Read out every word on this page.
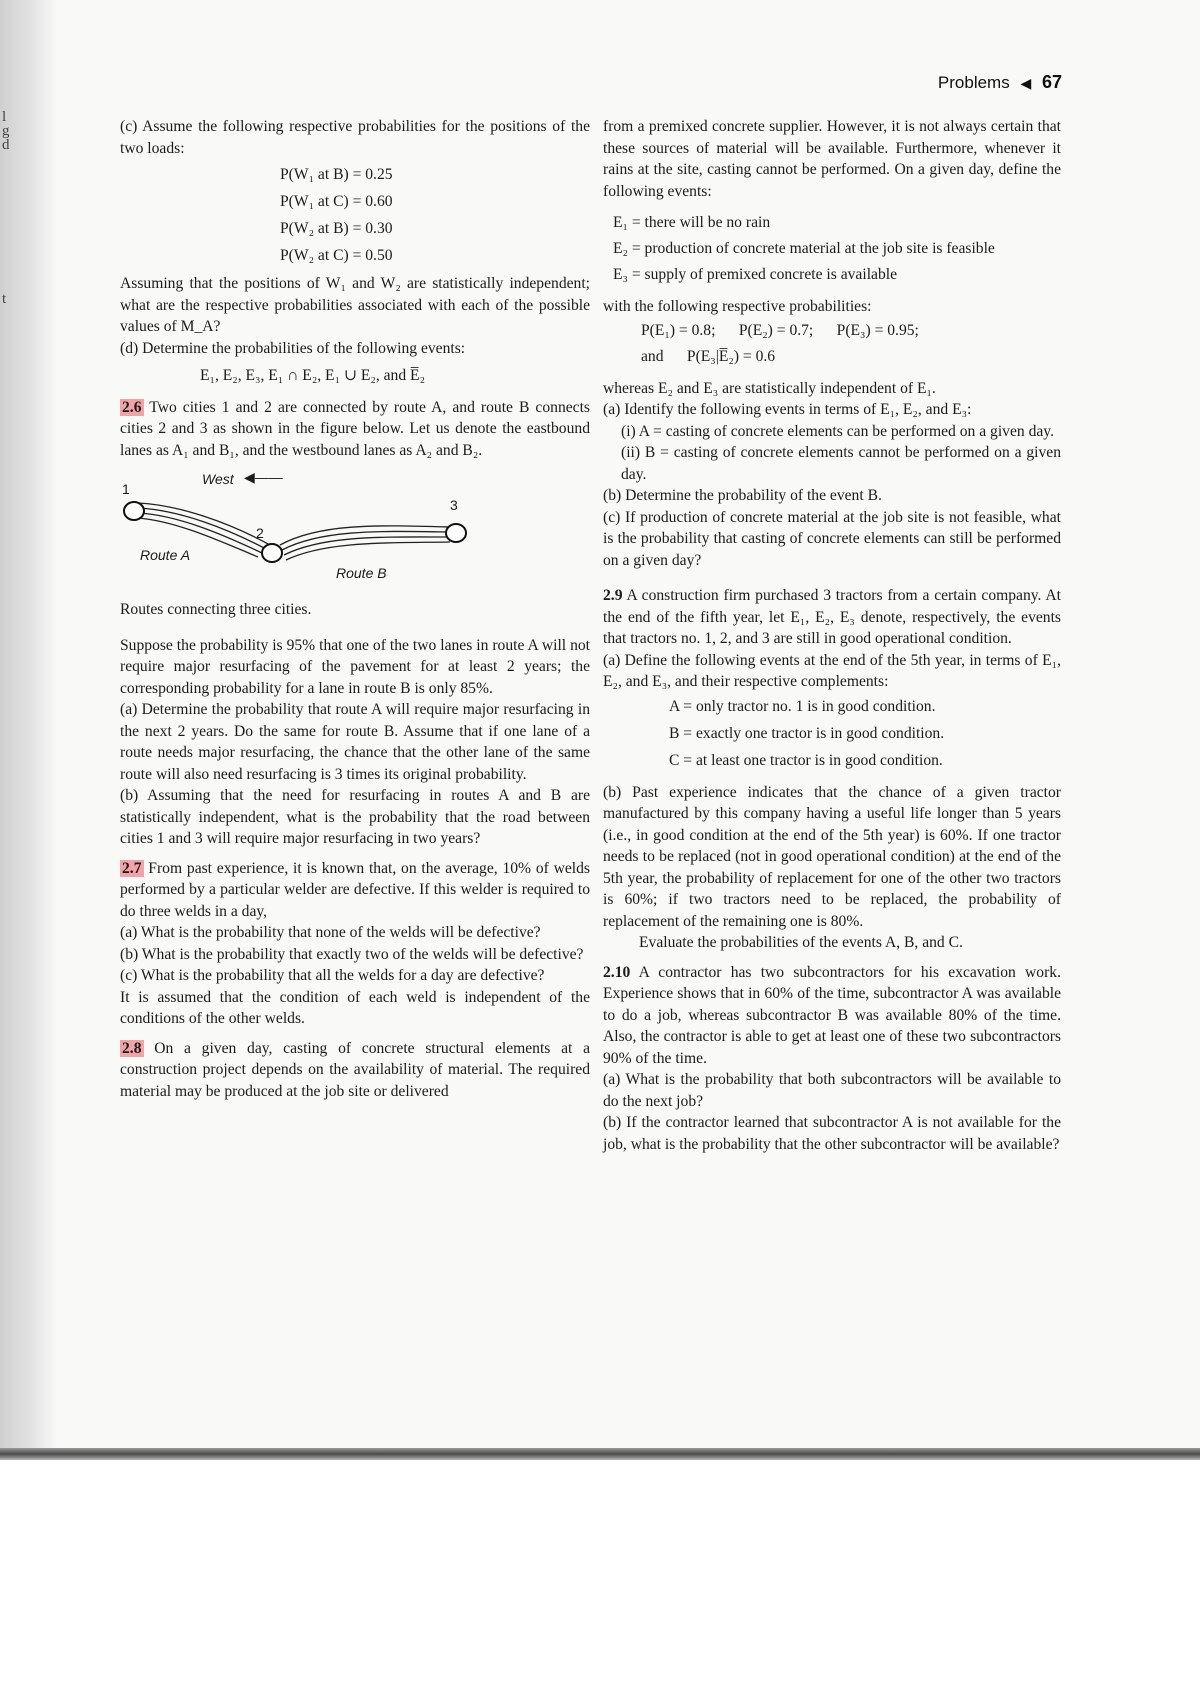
l
g
d
t
Problems ◀ 67

(c) Assume the following respective probabilities for the positions of the two loads:

P(W₁ at B) = 0.25
P(W₁ at C) = 0.60
P(W₂ at B) = 0.30
P(W₂ at C) = 0.50

Assuming that the positions of W₁ and W₂ are statistically independent; what are the respective probabilities associated with each of the possible values of M_A?

(d) Determine the probabilities of the following events:

E₁, E₂, E₃, E₁ ∩ E₂, E₁ ∪ E₂, and E̅₂

2.6 Two cities 1 and 2 are connected by route A, and route B connects cities 2 and 3 as shown in the figure below. Let us denote the eastbound lanes as A₁ and B₁, and the westbound lanes as A₂ and B₂.

West ◀——
1
2
3
Route A
Route B

Routes connecting three cities.

Suppose the probability is 95% that one of the two lanes in route A will not require major resurfacing of the pavement for at least 2 years; the corresponding probability for a lane in route B is only 85%.

(a) Determine the probability that route A will require major resurfacing in the next 2 years. Do the same for route B. Assume that if one lane of a route needs major resurfacing, the chance that the other lane of the same route will also need resurfacing is 3 times its original probability.

(b) Assuming that the need for resurfacing in routes A and B are statistically independent, what is the probability that the road between cities 1 and 3 will require major resurfacing in two years?

2.7 From past experience, it is known that, on the average, 10% of welds performed by a particular welder are defective. If this welder is required to do three welds in a day,

(a) What is the probability that none of the welds will be defective?

(b) What is the probability that exactly two of the welds will be defective?

(c) What is the probability that all the welds for a day are defective?

It is assumed that the condition of each weld is independent of the conditions of the other welds.

2.8 On a given day, casting of concrete structural elements at a construction project depends on the availability of material. The required material may be produced at the job site or delivered

from a premixed concrete supplier. However, it is not always certain that these sources of material will be available. Furthermore, whenever it rains at the site, casting cannot be performed. On a given day, define the following events:

E₁ = there will be no rain
E₂ = production of concrete material at the job site is feasible
E₃ = supply of premixed concrete is available

with the following respective probabilities:

P(E₁) = 0.8;      P(E₂) = 0.7;      P(E₃) = 0.95;
and      P(E₃|E̅₂) = 0.6

whereas E₂ and E₃ are statistically independent of E₁.

(a) Identify the following events in terms of E₁, E₂, and E₃:

(i) A = casting of concrete elements can be performed on a given day.

(ii) B = casting of concrete elements cannot be performed on a given day.

(b) Determine the probability of the event B.

(c) If production of concrete material at the job site is not feasible, what is the probability that casting of concrete elements can still be performed on a given day?

2.9 A construction firm purchased 3 tractors from a certain company. At the end of the fifth year, let E₁, E₂, E₃ denote, respectively, the events that tractors no. 1, 2, and 3 are still in good operational condition.

(a) Define the following events at the end of the 5th year, in terms of E₁, E₂, and E₃, and their respective complements:

A = only tractor no. 1 is in good condition.
B = exactly one tractor is in good condition.
C = at least one tractor is in good condition.

(b) Past experience indicates that the chance of a given tractor manufactured by this company having a useful life longer than 5 years (i.e., in good condition at the end of the 5th year) is 60%. If one tractor needs to be replaced (not in good operational condition) at the end of the 5th year, the probability of replacement for one of the other two tractors is 60%; if two tractors need to be replaced, the probability of replacement of the remaining one is 80%.

Evaluate the probabilities of the events A, B, and C.

2.10 A contractor has two subcontractors for his excavation work. Experience shows that in 60% of the time, subcontractor A was available to do a job, whereas subcontractor B was available 80% of the time. Also, the contractor is able to get at least one of these two subcontractors 90% of the time.

(a) What is the probability that both subcontractors will be available to do the next job?

(b) If the contractor learned that subcontractor A is not available for the job, what is the probability that the other subcontractor will be available?
